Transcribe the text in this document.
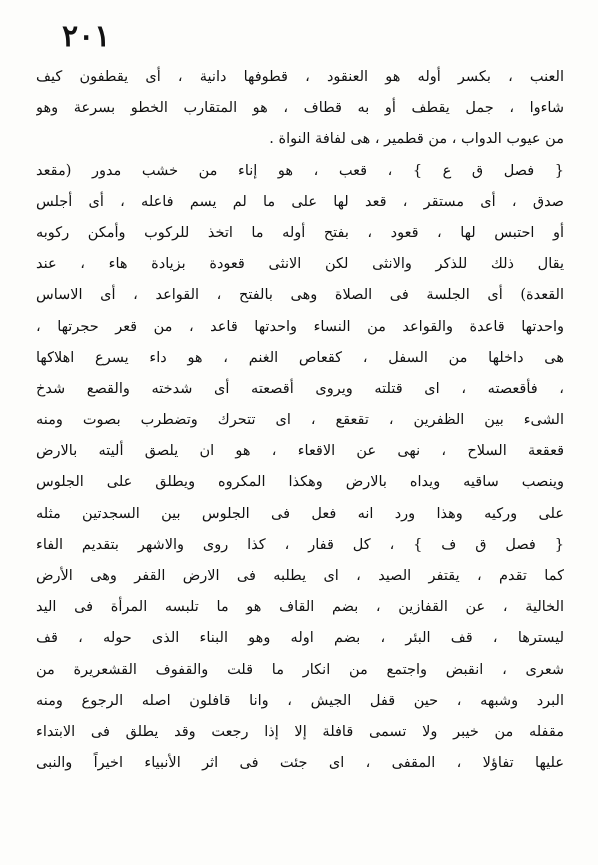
٢٠١
العنب ، بكسر أوله هو العنقود ، قطوفها دانية ، أى يقطفون كيف
شاءوا ، جمل يقطف أو به قطاف ، هو المتقارب الخطو بسرعة وهو
من عيوب الدواب ، من قطمير ، هى لفافة النواة .
{ فصل ق ع } ، قعب ، هو إناء من خشب مدور (مقعد
صدق ، أى مستقر ، قعد لها على ما لم يسم فاعله ، أى أجلس
أو احتبس لها ، قعود ، بفتح أوله ما اتخذ للركوب وأمكن ركوبه
يقال ذلك للذكر والانثى لكن الانثى قعودة بزيادة هاء ، عند
القعدة) أى الجلسة فى الصلاة وهى بالفتح ، القواعد ، أى الاساس
واحدتها قاعدة والقواعد من النساء واحدتها قاعد ، من قعر حجرتها ،
هى داخلها من السفل ، كقعاص الغنم ، هو داء يسرع اهلاكها
، فأقعصته ، اى قتلته ويروى أقصعته أى شدخته والقصع شدخ
الشىء بين الظفرين ، تقعقع ، اى تتحرك وتضطرب بصوت ومنه
قعقعة السلاح ، نهى عن الاقعاء ، هو ان يلصق أليته بالارض
وينصب ساقيه ويداه بالارض وهكذا المكروه ويطلق على الجلوس
على وركيه وهذا ورد انه فعل فى الجلوس بين السجدتين مثله
{ فصل ق ف } ، كل قفار ، كذا روى والاشهر بتقديم الفاء
كما تقدم ، يقتفر الصيد ، اى يطلبه فى الارض القفر وهى الأرض
الخالية ، عن القفازين ، بضم القاف هو ما تلبسه المرأة فى اليد
ليسترها ، قف البئر ، بضم اوله وهو البناء الذى حوله ، قف
شعرى ، انقبض واجتمع من انكار ما قلت والقفوف القشعريرة من
البرد وشبهه ، حين قفل الجيش ، وانا قافلون اصله الرجوع ومنه
مقفله من خيبر ولا تسمى قافلة إلا إذا رجعت وقد يطلق فى الابتداء
عليها تفاؤلا ، المقفى ، اى جئت فى اثر الأنبياء اخيراً والنبى
